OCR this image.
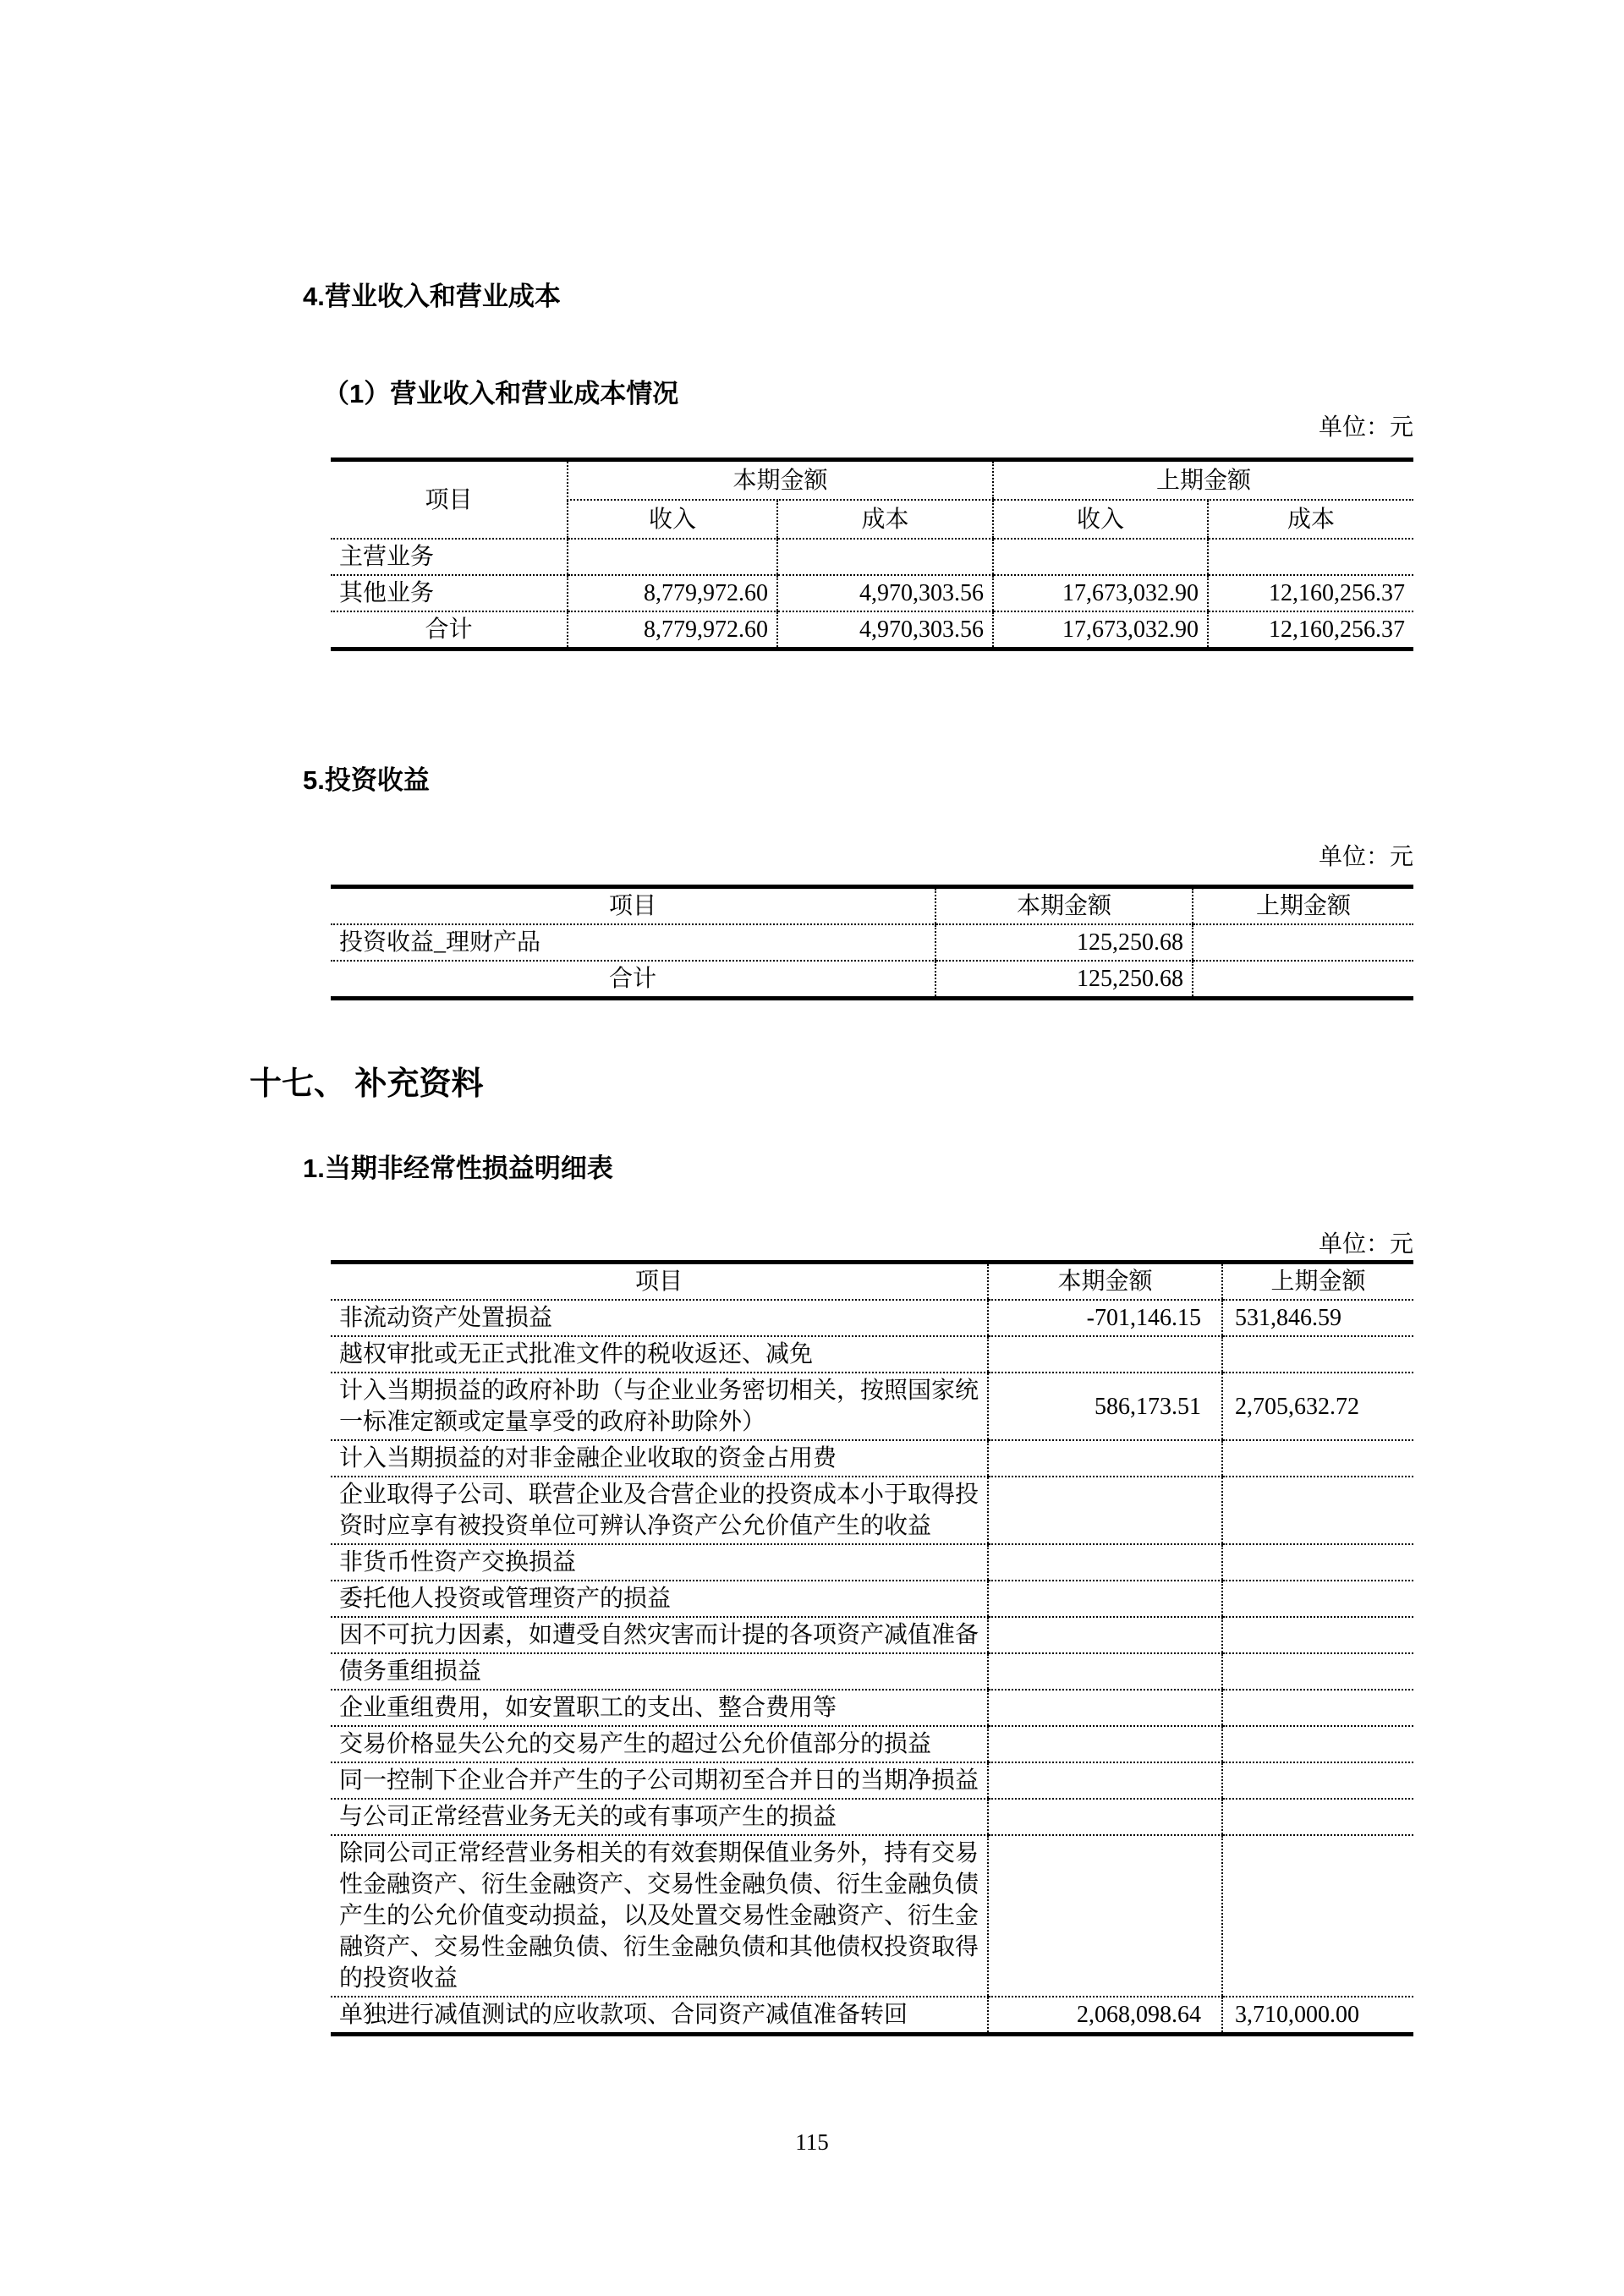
4.营业收入和营业成本
（1）营业收入和营业成本情况
单位：元
项目	本期金额		上期金额	
	收入	成本	收入	成本
主营业务				
其他业务	8,779,972.60	4,970,303.56	17,673,032.90	12,160,256.37
合计	8,779,972.60	4,970,303.56	17,673,032.90	12,160,256.37
5.投资收益
单位：元
项目	本期金额	上期金额
投资收益_理财产品	125,250.68	
合计	125,250.68	
十七、 补充资料
1.当期非经常性损益明细表
单位：元
项目	本期金额	上期金额
非流动资产处置损益	-701,146.15	531,846.59
越权审批或无正式批准文件的税收返还、减免		
计入当期损益的政府补助（与企业业务密切相关，按照国家统一标准定额或定量享受的政府补助除外）	586,173.51	2,705,632.72
计入当期损益的对非金融企业收取的资金占用费		
企业取得子公司、联营企业及合营企业的投资成本小于取得投资时应享有被投资单位可辨认净资产公允价值产生的收益		
非货币性资产交换损益		
委托他人投资或管理资产的损益		
因不可抗力因素，如遭受自然灾害而计提的各项资产减值准备		
债务重组损益		
企业重组费用，如安置职工的支出、整合费用等		
交易价格显失公允的交易产生的超过公允价值部分的损益		
同一控制下企业合并产生的子公司期初至合并日的当期净损益		
与公司正常经营业务无关的或有事项产生的损益		
除同公司正常经营业务相关的有效套期保值业务外，持有交易性金融资产、衍生金融资产、交易性金融负债、衍生金融负债产生的公允价值变动损益，以及处置交易性金融资产、衍生金融资产、交易性金融负债、衍生金融负债和其他债权投资取得的投资收益		
单独进行减值测试的应收款项、合同资产减值准备转回	2,068,098.64	3,710,000.00
115
